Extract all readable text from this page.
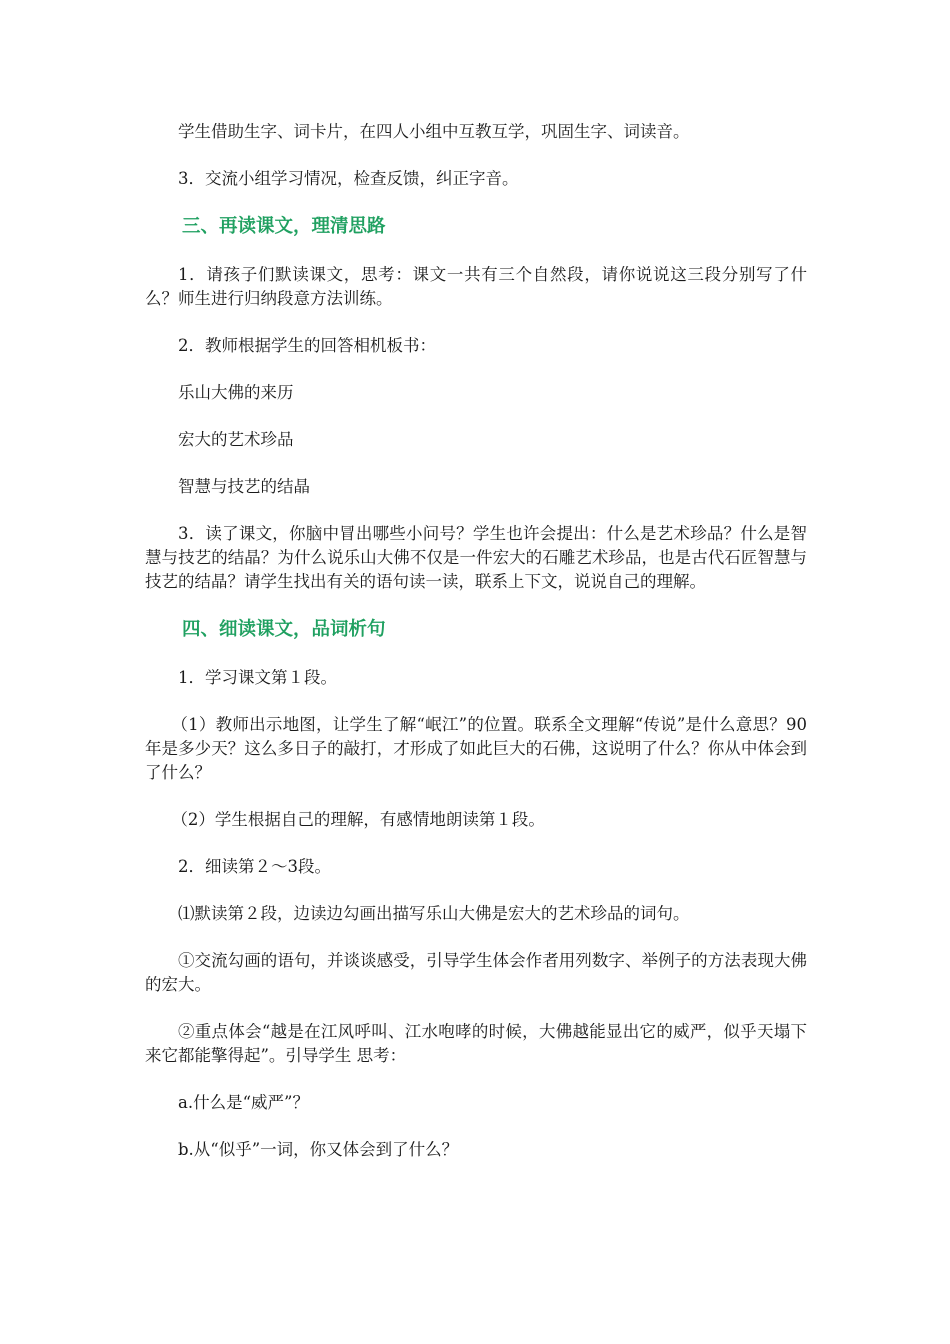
学生借助生字、词卡片，在四人小组中互教互学，巩固生字、词读音。

3．交流小组学习情况，检查反馈，纠正字音。

三、再读课文，理清思路

1．请孩子们默读课文，思考：课文一共有三个自然段，请你说说这三段分别写了什么？师生进行归纳段意方法训练。

2．教师根据学生的回答相机板书：

乐山大佛的来历

宏大的艺术珍品

智慧与技艺的结晶

3．读了课文，你脑中冒出哪些小问号？学生也许会提出：什么是艺术珍品？什么是智慧与技艺的结晶？为什么说乐山大佛不仅是一件宏大的石雕艺术珍品，也是古代石匠智慧与技艺的结晶？请学生找出有关的语句读一读，联系上下文，说说自己的理解。

四、细读课文，品词析句

1．学习课文第１段。

（1）教师出示地图，让学生了解“岷江”的位置。联系全文理解“传说”是什么意思？90年是多少天？这么多日子的敲打，才形成了如此巨大的石佛，这说明了什么？你从中体会到了什么？

（2）学生根据自己的理解，有感情地朗读第１段。

2．细读第２～3段。

⑴默读第２段，边读边勾画出描写乐山大佛是宏大的艺术珍品的词句。

①交流勾画的语句，并谈谈感受，引导学生体会作者用列数字、举例子的方法表现大佛的宏大。

②重点体会“越是在江风呼叫、江水咆哮的时候，大佛越能显出它的威严，似乎天塌下来它都能擎得起”。引导学生 思考：

a.什么是“威严”？

b.从“似乎”一词，你又体会到了什么？
